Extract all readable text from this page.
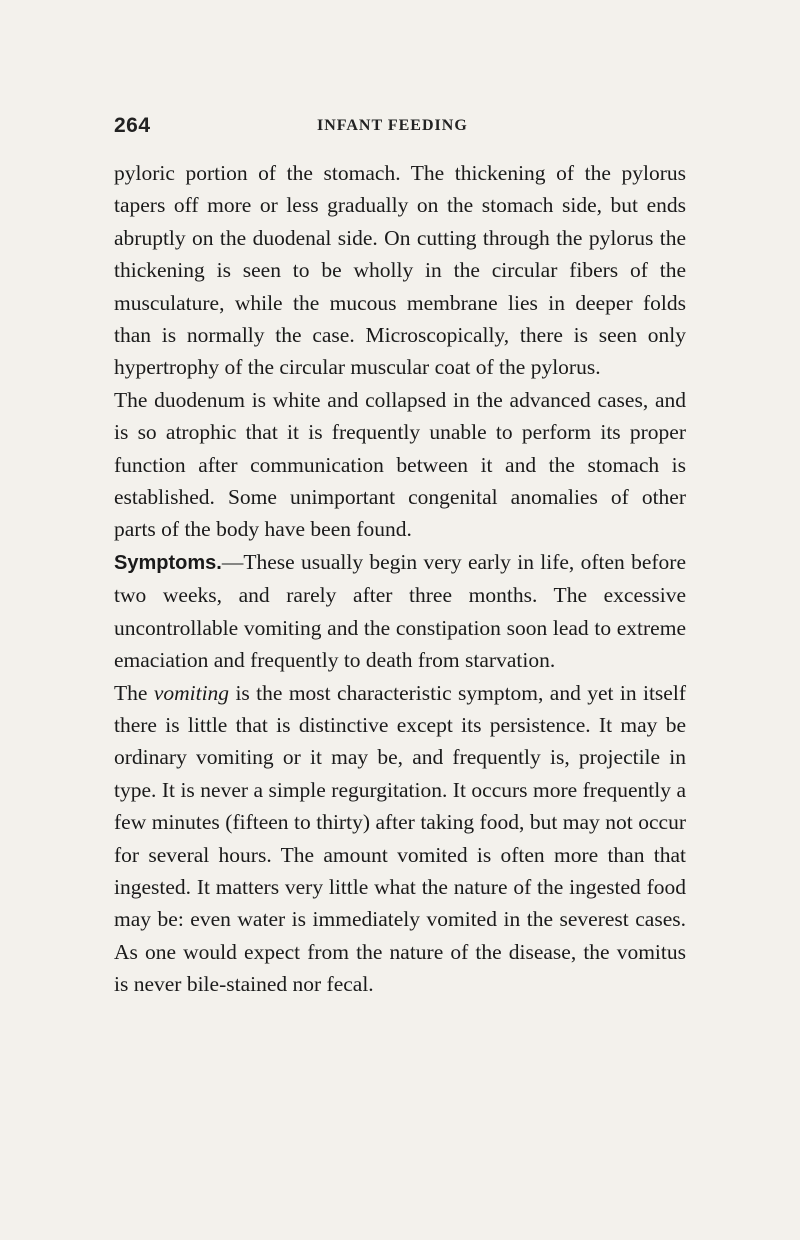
264	INFANT FEEDING

pyloric portion of the stomach. The thickening of the pylorus tapers off more or less gradually on the stomach side, but ends abruptly on the duodenal side. On cutting through the pylorus the thickening is seen to be wholly in the circular fibers of the musculature, while the mucous membrane lies in deeper folds than is normally the case. Microscopically, there is seen only hypertrophy of the circular muscular coat of the pylorus.

The duodenum is white and collapsed in the advanced cases, and is so atrophic that it is frequently unable to perform its proper function after communication between it and the stomach is established. Some unimportant congenital anomalies of other parts of the body have been found.

Symptoms.—These usually begin very early in life, often before two weeks, and rarely after three months. The excessive uncontrollable vomiting and the constipation soon lead to extreme emaciation and frequently to death from starvation.

The vomiting is the most characteristic symptom, and yet in itself there is little that is distinctive except its persistence. It may be ordinary vomiting or it may be, and frequently is, projectile in type. It is never a simple regurgitation. It occurs more frequently a few minutes (fifteen to thirty) after taking food, but may not occur for several hours. The amount vomited is often more than that ingested. It matters very little what the nature of the ingested food may be: even water is immediately vomited in the severest cases. As one would expect from the nature of the disease, the vomitus is never bile-stained nor fecal.
